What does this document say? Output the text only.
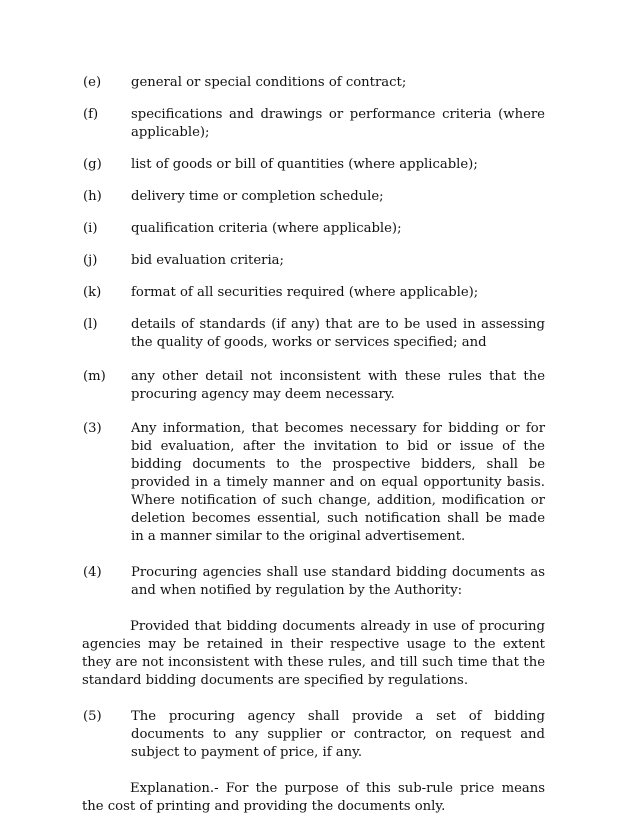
(e)	general or special conditions of contract;
(f)	specifications and drawings or performance criteria (where applicable);
(g)	list of goods or bill of quantities (where applicable);
(h)	delivery time or completion schedule;
(i)	qualification criteria (where applicable);
(j)	bid evaluation criteria;
(k)	format of all securities required (where applicable);
(l)	details of standards (if any) that are to be used in assessing the quality of goods, works or services specified; and
(m)	any other detail not inconsistent with these rules that the procuring agency may deem necessary.
(3)	Any information, that becomes necessary for bidding or for bid evaluation, after the invitation to bid or issue of the bidding documents to the prospective bidders, shall be provided in a timely manner and on equal opportunity basis. Where notification of such change, addition, modification or deletion becomes essential, such notification shall be made in a manner similar to the original advertisement.
(4)	Procuring agencies shall use standard bidding documents as and when notified by regulation by the Authority:

Provided that bidding documents already in use of procuring agencies may be retained in their respective usage to the extent they are not inconsistent with these rules, and till such time that the standard bidding documents are specified by regulations.

(5)	The procuring agency shall provide a set of bidding documents to any supplier or contractor, on request and subject to payment of price, if any.

Explanation.- For the purpose of this sub-rule price means the cost of printing and providing the documents only.
